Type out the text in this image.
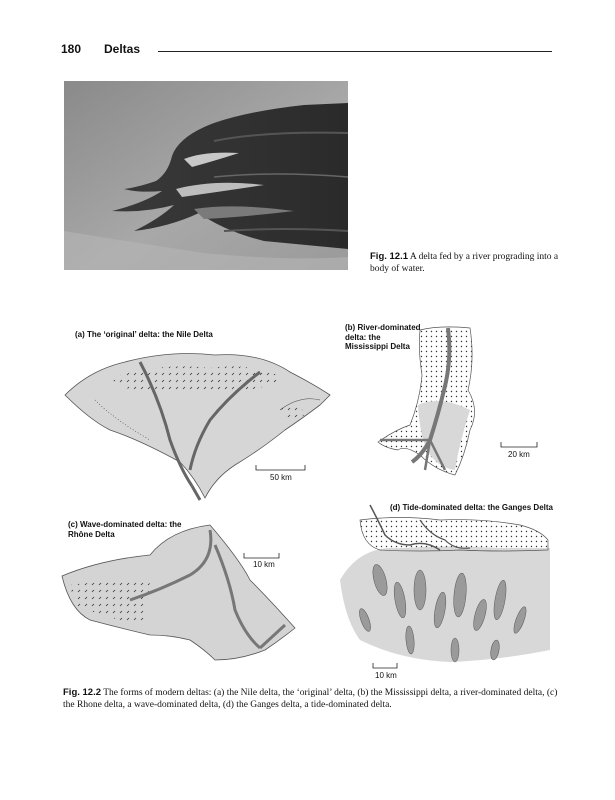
180 Deltas
Fig. 12.1 A delta fed by a river prograding into a body of water.
(a) The ‘original’ delta: the Nile Delta
50 km
(b) River-dominated
delta: the
Mississippi Delta
20 km
(c) Wave-dominated delta: the
Rhône Delta
10 km
(d) Tide-dominated delta: the Ganges Delta
10 km
Fig. 12.2 The forms of modern deltas: (a) the Nile delta, the ‘original’ delta, (b) the Mississippi delta, a river-dominated delta, (c) the Rhone delta, a wave-dominated delta, (d) the Ganges delta, a tide-dominated delta.
